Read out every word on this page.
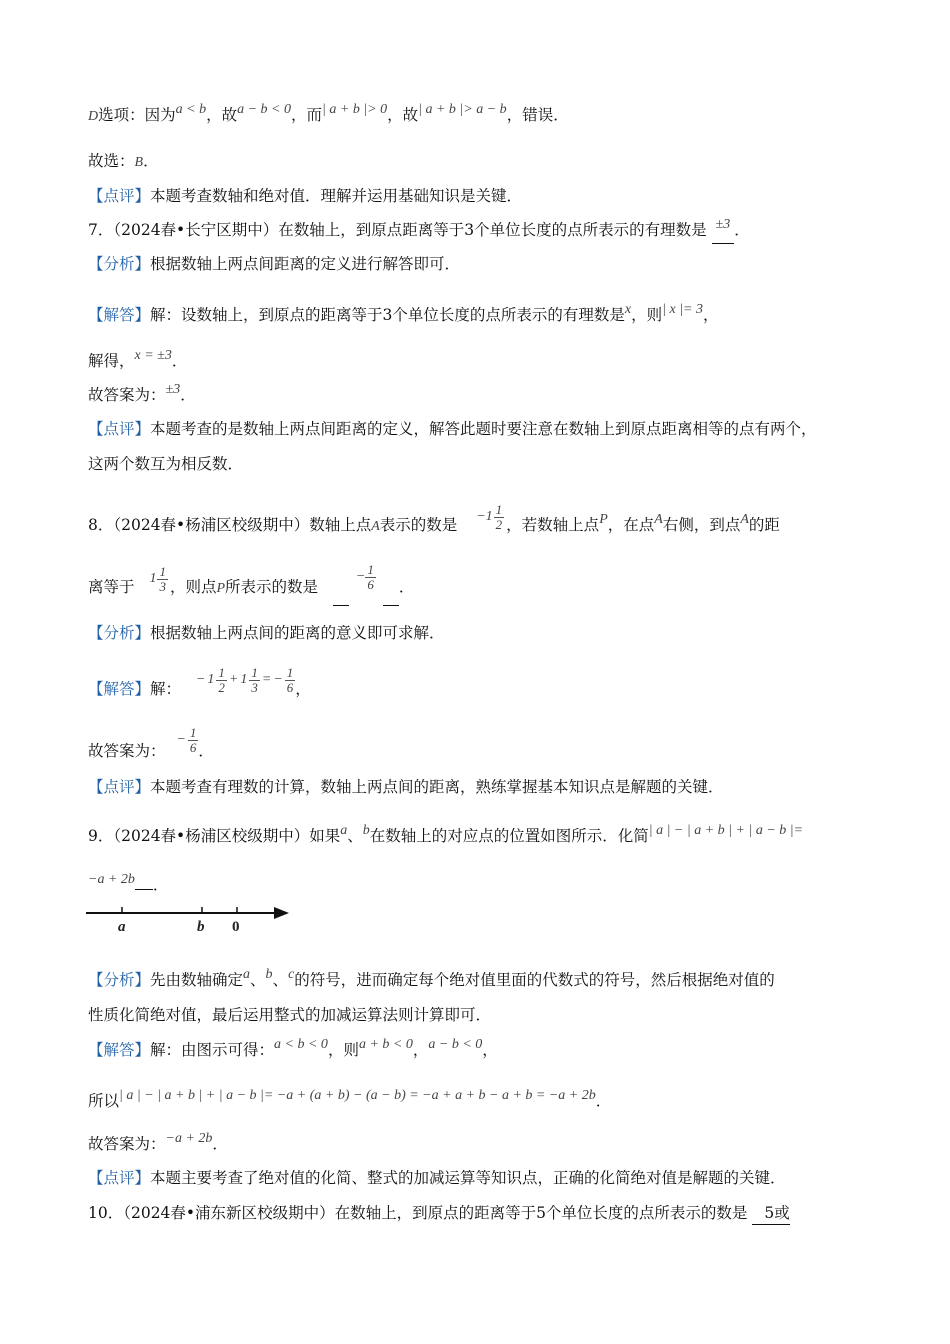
D选项：因为a < b，故a − b < 0，而| a + b |> 0，故| a + b |> a − b，错误．
故选：B．
【点评】本题考查数轴和绝对值．理解并运用基础知识是关键．
7．（2024春•长宁区期中）在数轴上，到原点距离等于3个单位长度的点所表示的有理数是 ±3 ．
【分析】根据数轴上两点间距离的定义进行解答即可．
【解答】解：设数轴上，到原点的距离等于3个单位长度的点所表示的有理数是x，则| x |= 3，
解得，x = ±3．
故答案为：±3．
【点评】本题考查的是数轴上两点间距离的定义，解答此题时要注意在数轴上到原点距离相等的点有两个，
这两个数互为相反数．
8．（2024春•杨浦区校级期中）数轴上点A表示的数是 − $1 \frac{1}{2}$ ，若数轴上点P，在点A右侧，到点A的距
离等于 $1 \frac{1}{3}$ ，则点P所表示的数是
− $\frac{1}{6}$ ．
【分析】根据数轴上两点间的距离的意义即可求解．
【解答】解：
− $1 \frac{1}{2} + 1 \frac{1}{3}$ = − $\frac{1}{6}$ ，
故答案为：
− $\frac{1}{6}$ ．
【点评】本题考查有理数的计算，数轴上两点间的距离，熟练掌握基本知识点是解题的关键．
9．（2024春•杨浦区校级期中）如果a、b在数轴上的对应点的位置如图所示．化简| a | − | a + b | + | a − b |=
−a + 2b ．
a	b 0
【分析】先由数轴确定a、b、c的符号，进而确定每个绝对值里面的代数式的符号，然后根据绝对值的
性质化简绝对值，最后运用整式的加减运算法则计算即可．
【解答】解：由图示可得：a < b < 0，则a + b < 0，a − b < 0，
所以| a | − | a + b | + | a − b |= −a + (a + b) − (a − b) = −a + a + b − a + b = −a + 2b．
故答案为：−a + 2b．
【点评】本题主要考查了绝对值的化简、整式的加减运算等知识点，正确的化简绝对值是解题的关键．
10．（2024春•浦东新区校级期中）在数轴上，到原点的距离等于5个单位长度的点所表示的数是 5或
